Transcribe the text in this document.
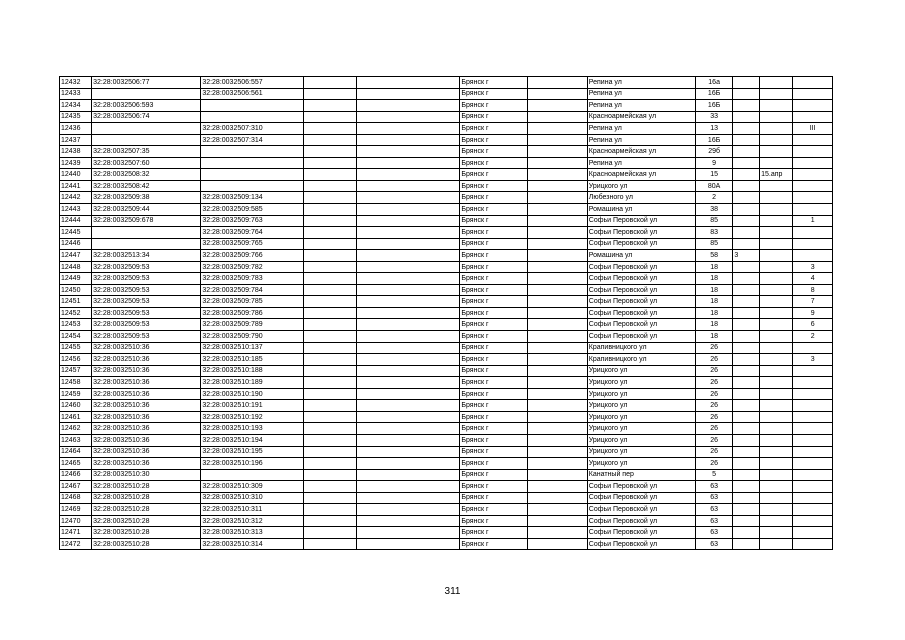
12432	32:28:0032506:77	32:28:0032506:557			Брянск г		Репина ул	16а			
12433		32:28:0032506:561			Брянск г		Репина ул	16Б			
12434	32:28:0032506:593				Брянск г		Репина ул	16Б			
12435	32:28:0032506:74				Брянск г		Красноармейская ул	33			
12436		32:28:0032507:310			Брянск г		Репина ул	13			III
12437		32:28:0032507:314			Брянск г		Репина ул	16Б			
12438	32:28:0032507:35				Брянск г		Красноармейская ул	29б			
12439	32:28:0032507:60				Брянск г		Репина ул	9			
12440	32:28:0032508:32				Брянск г		Красноармейская ул	15		15.апр	
12441	32:28:0032508:42				Брянск г		Урицкого ул	80А			
12442	32:28:0032509:38	32:28:0032509:134			Брянск г		Любезного ул	2			
12443	32:28:0032509:44	32:28:0032509:585			Брянск г		Ромашина ул	38			
12444	32:28:0032509:678	32:28:0032509:763			Брянск г		Софьи Перовской ул	85			1
12445		32:28:0032509:764			Брянск г		Софьи Перовской ул	83			
12446		32:28:0032509:765			Брянск г		Софьи Перовской ул	85			
12447	32:28:0032513:34	32:28:0032509:766			Брянск г		Ромашина ул	58	3		
12448	32:28:0032509:53	32:28:0032509:782			Брянск г		Софьи Перовской ул	18			3
12449	32:28:0032509:53	32:28:0032509:783			Брянск г		Софьи Перовской ул	18			4
12450	32:28:0032509:53	32:28:0032509:784			Брянск г		Софьи Перовской ул	18			8
12451	32:28:0032509:53	32:28:0032509:785			Брянск г		Софьи Перовской ул	18			7
12452	32:28:0032509:53	32:28:0032509:786			Брянск г		Софьи Перовской ул	18			9
12453	32:28:0032509:53	32:28:0032509:789			Брянск г		Софьи Перовской ул	18			6
12454	32:28:0032509:53	32:28:0032509:790			Брянск г		Софьи Перовской ул	18			2
12455	32:28:0032510:36	32:28:0032510:137			Брянск г		Крапивницкого ул	26			
12456	32:28:0032510:36	32:28:0032510:185			Брянск г		Крапивницкого ул	26			3
12457	32:28:0032510:36	32:28:0032510:188			Брянск г		Урицкого ул	26			
12458	32:28:0032510:36	32:28:0032510:189			Брянск г		Урицкого ул	26			
12459	32:28:0032510:36	32:28:0032510:190			Брянск г		Урицкого ул	26			
12460	32:28:0032510:36	32:28:0032510:191			Брянск г		Урицкого ул	26			
12461	32:28:0032510:36	32:28:0032510:192			Брянск г		Урицкого ул	26			
12462	32:28:0032510:36	32:28:0032510:193			Брянск г		Урицкого ул	26			
12463	32:28:0032510:36	32:28:0032510:194			Брянск г		Урицкого ул	26			
12464	32:28:0032510:36	32:28:0032510:195			Брянск г		Урицкого ул	26			
12465	32:28:0032510:36	32:28:0032510:196			Брянск г		Урицкого ул	26			
12466	32:28:0032510:30				Брянск г		Канатный пер	5			
12467	32:28:0032510:28	32:28:0032510:309			Брянск г		Софьи Перовской ул	63			
12468	32:28:0032510:28	32:28:0032510:310			Брянск г		Софьи Перовской ул	63			
12469	32:28:0032510:28	32:28:0032510:311			Брянск г		Софьи Перовской ул	63			
12470	32:28:0032510:28	32:28:0032510:312			Брянск г		Софьи Перовской ул	63			
12471	32:28:0032510:28	32:28:0032510:313			Брянск г		Софьи Перовской ул	63			
12472	32:28:0032510:28	32:28:0032510:314			Брянск г		Софьи Перовской ул	63			
311
